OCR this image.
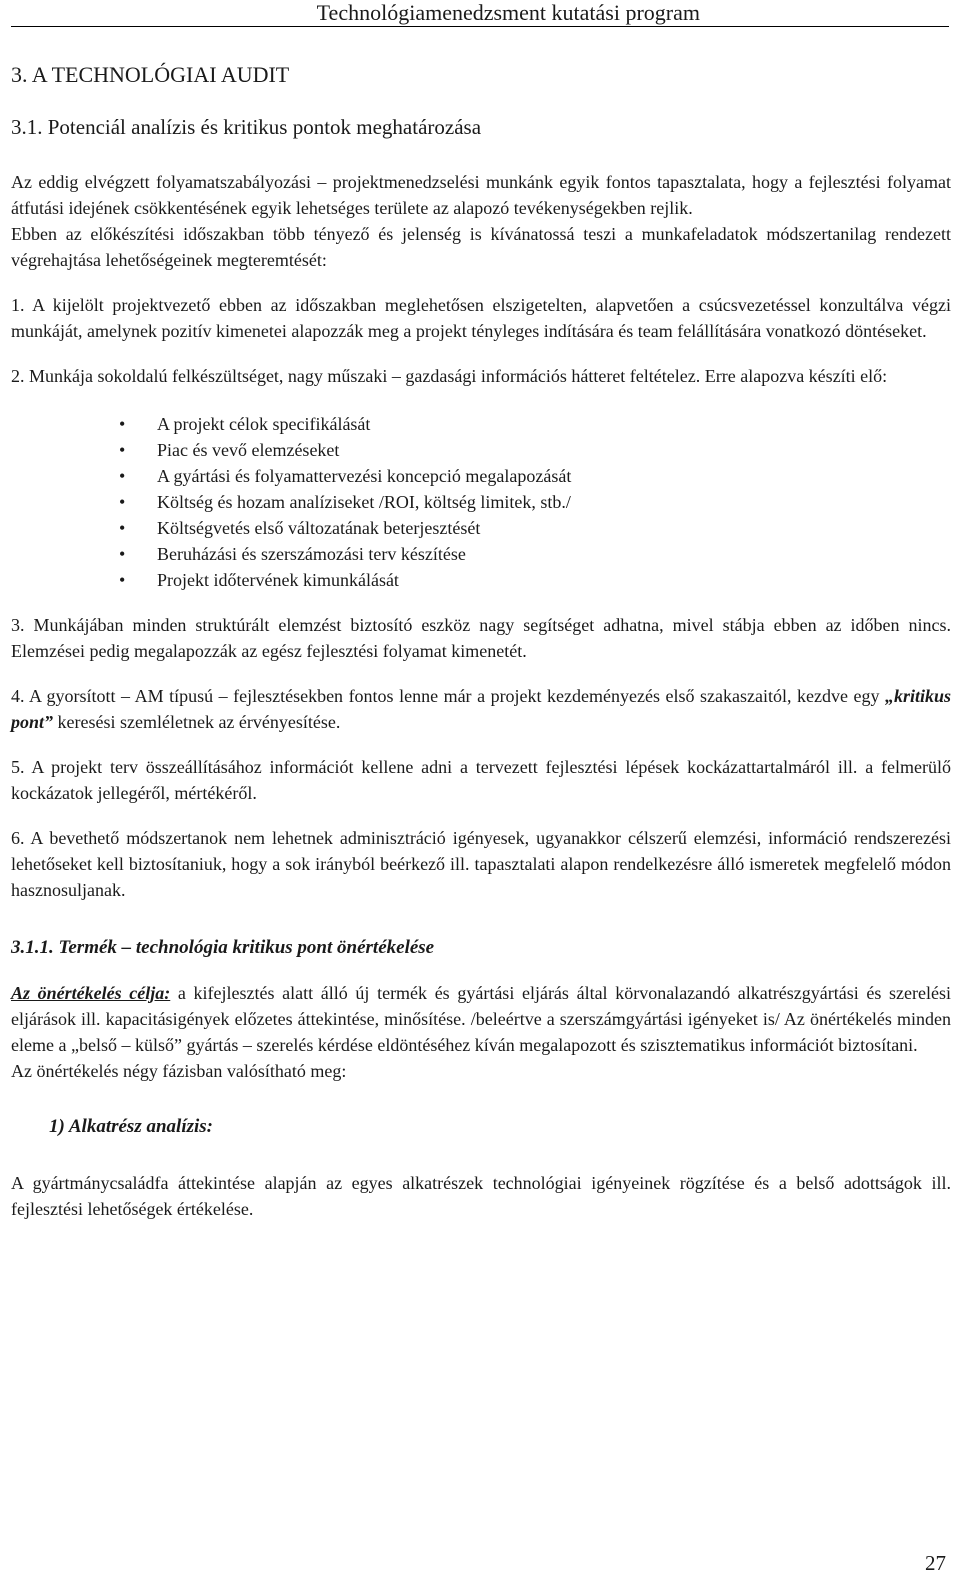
Technológiamenedzsment kutatási program
3. A TECHNOLÓGIAI AUDIT
3.1. Potenciál analízis és kritikus pontok meghatározása

Az eddig elvégzett folyamatszabályozási – projektmenedzselési munkánk egyik fontos tapasztalata, hogy a fejlesztési folyamat átfutási idejének csökkentésének egyik lehetséges területe az alapozó tevékenységekben rejlik.

Ebben az előkészítési időszakban több tényező és jelenség is kívánatossá teszi a munkafeladatok módszertanilag rendezett végrehajtása lehetőségeinek megteremtését:

1. A kijelölt projektvezető ebben az időszakban meglehetősen elszigetelten, alapvetően a csúcsvezetéssel konzultálva végzi munkáját, amelynek pozitív kimenetei alapozzák meg a projekt tényleges indítására és team felállítására vonatkozó döntéseket.

2. Munkája sokoldalú felkészültséget, nagy műszaki – gazdasági információs hátteret feltételez. Erre alapozva készíti elő:

• A projekt célok specifikálását
• Piac és vevő elemzéseket
• A gyártási és folyamattervezési koncepció megalapozását
• Költség és hozam analíziseket /ROI, költség limitek, stb./
• Költségvetés első változatának beterjesztését
• Beruházási és szerszámozási terv készítése
• Projekt időtervének kimunkálását

3. Munkájában minden struktúrált elemzést biztosító eszköz nagy segítséget adhatna, mivel stábja ebben az időben nincs. Elemzései pedig megalapozzák az egész fejlesztési folyamat kimenetét.

4. A gyorsított – AM típusú – fejlesztésekben fontos lenne már a projekt kezdeményezés első szakaszaitól, kezdve egy „kritikus pont” keresési szemléletnek az érvényesítése.

5. A projekt terv összeállításához információt kellene adni a tervezett fejlesztési lépések kockázattartalmáról ill. a felmerülő kockázatok jellegéről, mértékéről.

6. A bevethető módszertanok nem lehetnek adminisztráció igényesek, ugyanakkor célszerű elemzési, információ rendszerezési lehetőseket kell biztosítaniuk, hogy a sok irányból beérkező ill. tapasztalati alapon rendelkezésre álló ismeretek megfelelő módon hasznosuljanak.

3.1.1. Termék – technológia kritikus pont önértékelése

Az önértékelés célja: a kifejlesztés alatt álló új termék és gyártási eljárás által körvonalazandó alkatrészgyártási és szerelési eljárások ill. kapacitásigények előzetes áttekintése, minősítése. /beleértve a szerszámgyártási igényeket is/ Az önértékelés minden eleme a „belső – külső” gyártás – szerelés kérdése eldöntéséhez kíván megalapozott és szisztematikus információt biztosítani.

Az önértékelés négy fázisban valósítható meg:

1) Alkatrész analízis:

A gyártmánycsaládfa áttekintése alapján az egyes alkatrészek technológiai igényeinek rögzítése és a belső adottságok ill. fejlesztési lehetőségek értékelése.

27
